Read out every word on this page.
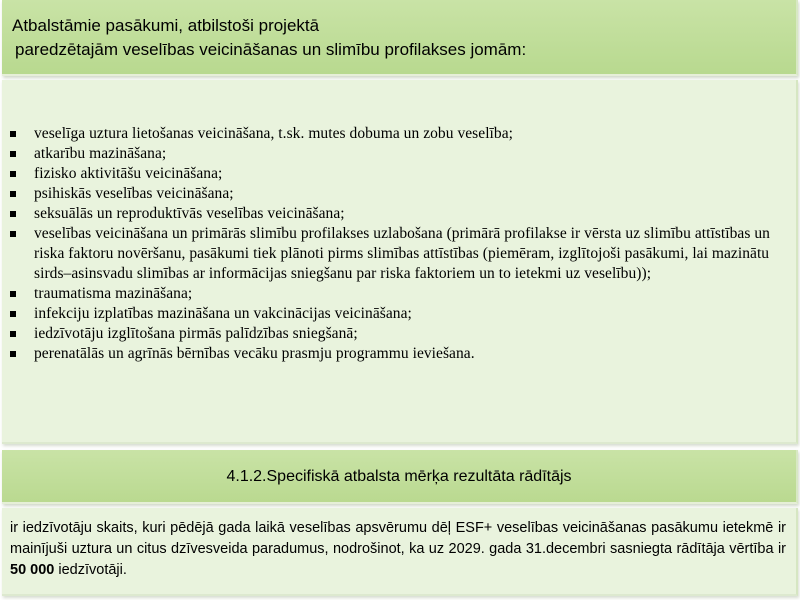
Atbalstāmie pasākumi, atbilstoši projektā
paredzētajām veselības veicināšanas un slimību profilakses jomām:
veselīga uztura lietošanas veicināšana, t.sk. mutes dobuma un zobu veselība;
atkarību mazināšana;
fizisko aktivitāšu veicināšana;
psihiskās veselības veicināšana;
seksuālās un reproduktīvās veselības veicināšana;
veselības veicināšana un primārās slimību profilakses uzlabošana (primārā profilakse ir vērsta uz slimību attīstības un riska faktoru novēršanu, pasākumi tiek plānoti pirms slimības attīstības (piemēram, izglītojoši pasākumi, lai mazinātu sirds–asinsvadu slimības ar informācijas sniegšanu par riska faktoriem un to ietekmi uz veselību));
traumatisma mazināšana;
infekciju izplatības mazināšana un vakcinācijas veicināšana;
iedzīvotāju izglītošana pirmās palīdzības sniegšanā;
perenatālās un agrīnās bērnības vecāku prasmju programmu ieviešana.
4.1.2.Specifiskā atbalsta mērķa rezultāta rādītājs
ir iedzīvotāju skaits, kuri pēdējā gada laikā veselības apsvērumu dēļ ESF+ veselības veicināšanas pasākumu ietekmē ir mainījuši uztura un citus dzīvesveida paradumus, nodrošinot, ka uz 2029. gada 31.decembri sasniegta rādītāja vērtība ir 50 000 iedzīvotāji.
